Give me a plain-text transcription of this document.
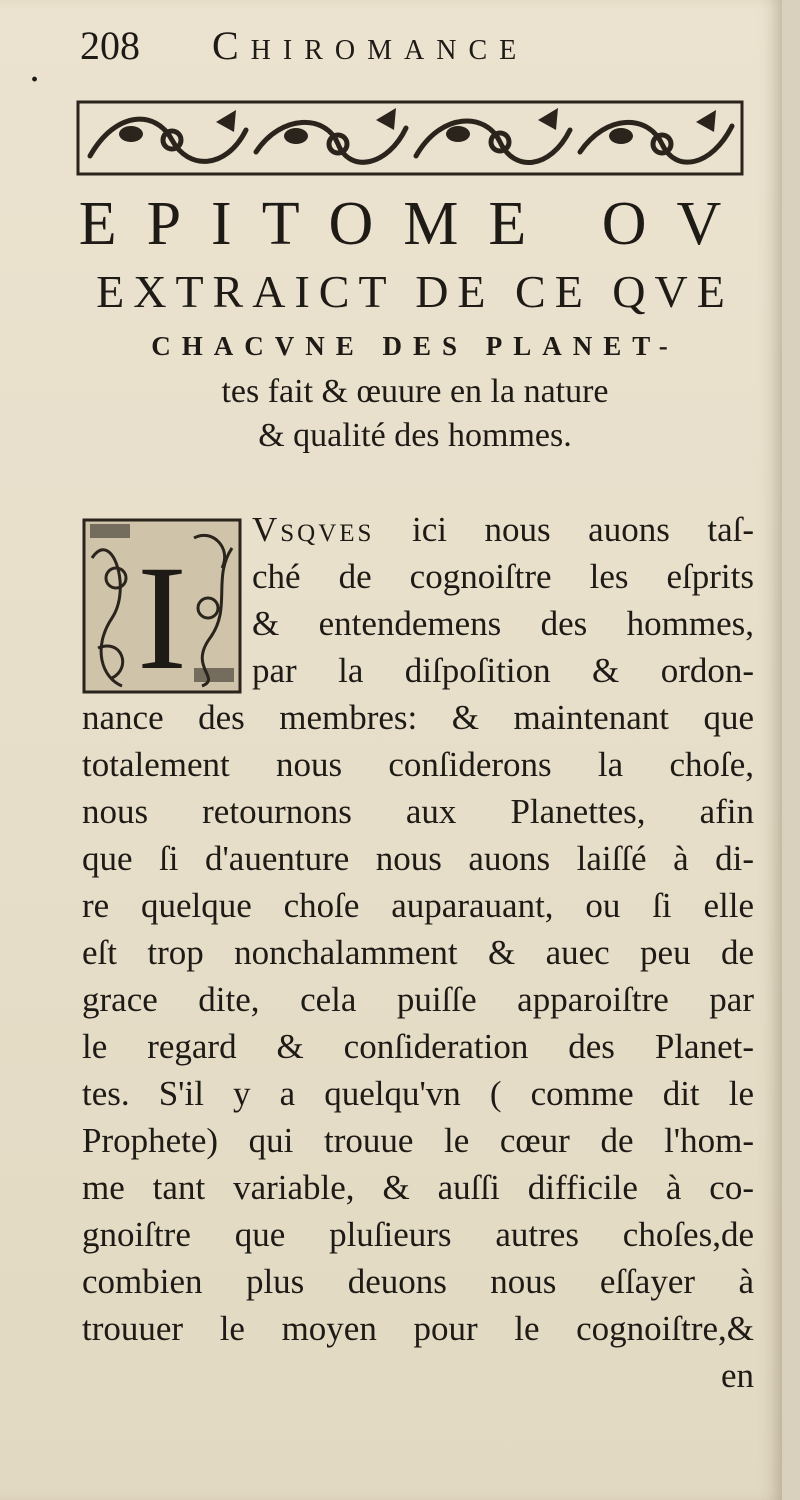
.
208 Chiromance

EPITOME OV

EXTRAICT DE CE QVE

CHACVNE DES PLANET-

tes fait & œuure en la nature

& qualité des hommes.

I
Vsqves ici nous auons taſ-
ché de cognoiſtre les eſprits
& entendemens des hommes,
par la diſpoſition & ordon-
nance des membres: & maintenant que
totalement nous conſiderons la choſe,
nous retournons aux Planettes, afin
que ſi d'auenture nous auons laiſſé à di-
re quelque choſe auparauant, ou ſi elle
eſt trop nonchalamment & auec peu de
grace dite, cela puiſſe apparoiſtre par
le regard & conſideration des Planet-
tes. S'il y a quelqu'vn ( comme dit le
Prophete) qui trouue le cœur de l'hom-
me tant variable, & auſſi difficile à co-
gnoiſtre que pluſieurs autres choſes,de
combien plus deuons nous eſſayer à
trouuer le moyen pour le cognoiſtre,&
en
